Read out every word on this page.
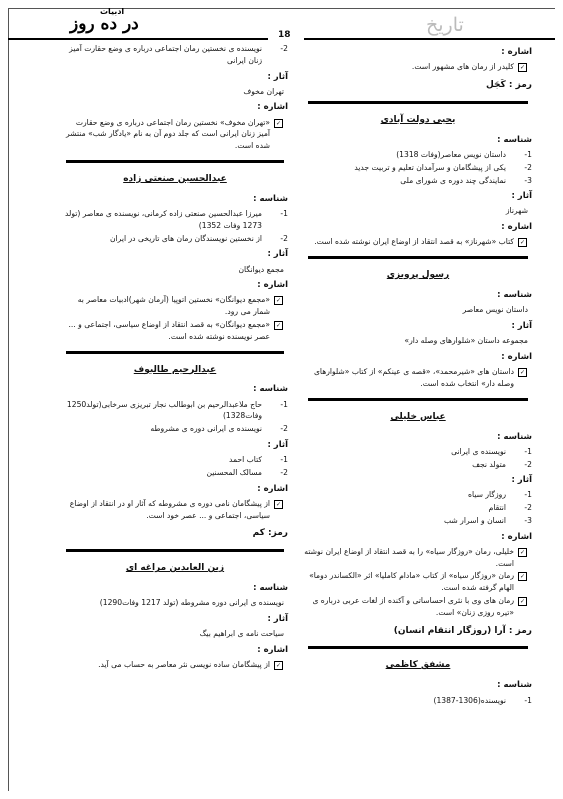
در ده روز
ادبیات
18	تاریخ
2-
نویسنده ی نخستین رمان اجتماعی درباره ی وضع حقارت آمیز زنان ایرانی
آثار :
تهران مخوف
اشاره :
✓
«تهران مخوف» نخستین رمان اجتماعی درباره ی وضع حقارت آمیز زنان ایرانی است که جلد دوم آن به نام «یادگار شب» منتشر شده است.
عبدالحسین صنعتی زاده
شناسه :
1-
میرزا عبدالحسین صنعتی زاده کرمانی، نویسنده ی معاصر (تولد 1273 وفات 1352)
2-
از نخستین نویسندگان رمان های تاریخی در ایران
آثار :
مجمع دیوانگان
اشاره :
✓
«مجمع دیوانگان» نخستین اتوپیا (آرمان شهر)ادبیات معاصر به شمار می رود.
✓
«مجمع دیوانگان» به قصد انتقاد از اوضاع سیاسی، اجتماعی و ... عصر نویسنده نوشته شده است.
عبدالرحیم طالبوف
شناسه :
1-
حاج ملاعبدالرحیم بن ابوطالب نجار تبریزی سرخابی(تولد1250 وفات1328)
2-
نویسنده ی ایرانی دوره ی مشروطه
آثار :
1-
کتاب احمد
2-
مسالک المحسنین
اشاره :
✓
از پیشگامان نامی دوره ی مشروطه که آثار او در انتقاد از اوضاع سیاسی، اجتماعی و ... عصر خود است.
رمز: کم
زین العابدین مراغه ای
شناسه :
نویسنده ی ایرانی دوره مشروطه (تولد 1217 وفات1290)
آثار :
سیاحت نامه ی ابراهیم بیگ
اشاره :
✓
از پیشگامان ساده نویسی نثر معاصر به حساب می آید.
اشاره :
✓
کلیدر از رمان های مشهور است.
رمز : کَجَل
یحیی دولت آبادی
شناسه :
1-
داستان نویس معاصر(وفات 1318)
2-
یکی از پیشگامان و سرآمدان تعلیم و تربیت جدید
3-
نمایندگی چند دوره ی شورای ملی
آثار :
شهرناز
اشاره :
✓
کتاب «شهرناز» به قصد انتقاد از اوضاع ایران نوشته شده است.
رسول پرویزی
شناسه :
داستان نویس معاصر
آثار :
مجموعه داستان «شلوارهای وصله دار»
اشاره :
✓
داستان های «شیرمحمد»، «قصه ی عینکم» از کتاب «شلوارهای وصله دار» انتخاب شده است.
عباس خلیلی
شناسه :
1-
نویسنده ی ایرانی
2-
متولد نجف
آثار :
1-
روزگار سیاه
2-
انتقام
3-
انسان و اسرار شب
اشاره :
✓
خلیلی، رمان «روزگار سیاه» را به قصد انتقاد از اوضاع ایران نوشته است.
✓
رمان «روزگار سیاه» از کتاب «مادام کاملیا» اثر «الکساندر دوما» الهام گرفته شده است.
✓
رمان های وی با نثری احساساتی و آکنده از لغات عربی درباره ی «تیره روزی زنان» است.
رمز : آرا (روزگار انتقام انسان)
مشفق کاظمی
شناسه :
1-
نویسنده(1306-1387)
